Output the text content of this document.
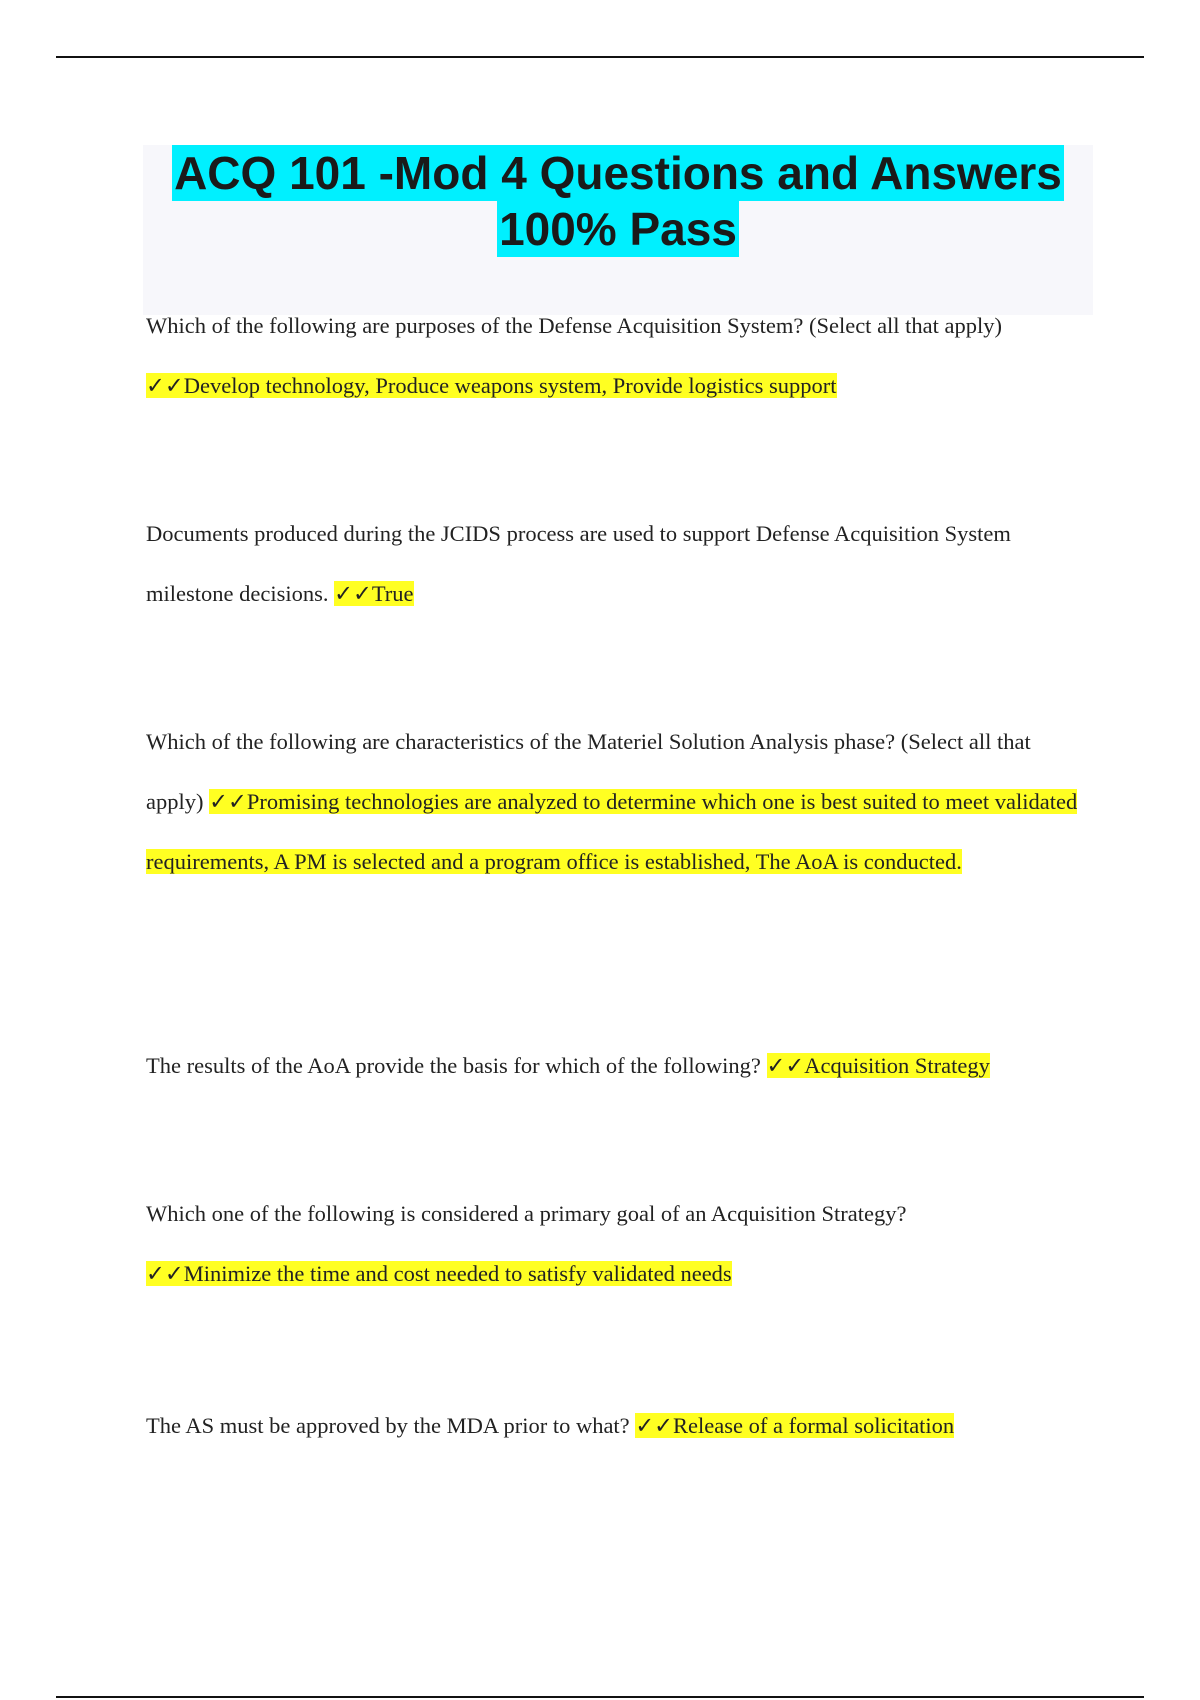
ACQ 101 -Mod 4 Questions and Answers
100% Pass
Which of the following are purposes of the Defense Acquisition System? (Select all that apply)
✓✓Develop technology, Produce weapons system, Provide logistics support
Documents produced during the JCIDS process are used to support Defense Acquisition System milestone decisions. ✓✓True
Which of the following are characteristics of the Materiel Solution Analysis phase? (Select all that apply) ✓✓Promising technologies are analyzed to determine which one is best suited to meet validated requirements, A PM is selected and a program office is established, The AoA is conducted.
The results of the AoA provide the basis for which of the following? ✓✓Acquisition Strategy
Which one of the following is considered a primary goal of an Acquisition Strategy?
✓✓Minimize the time and cost needed to satisfy validated needs
The AS must be approved by the MDA prior to what? ✓✓Release of a formal solicitation
